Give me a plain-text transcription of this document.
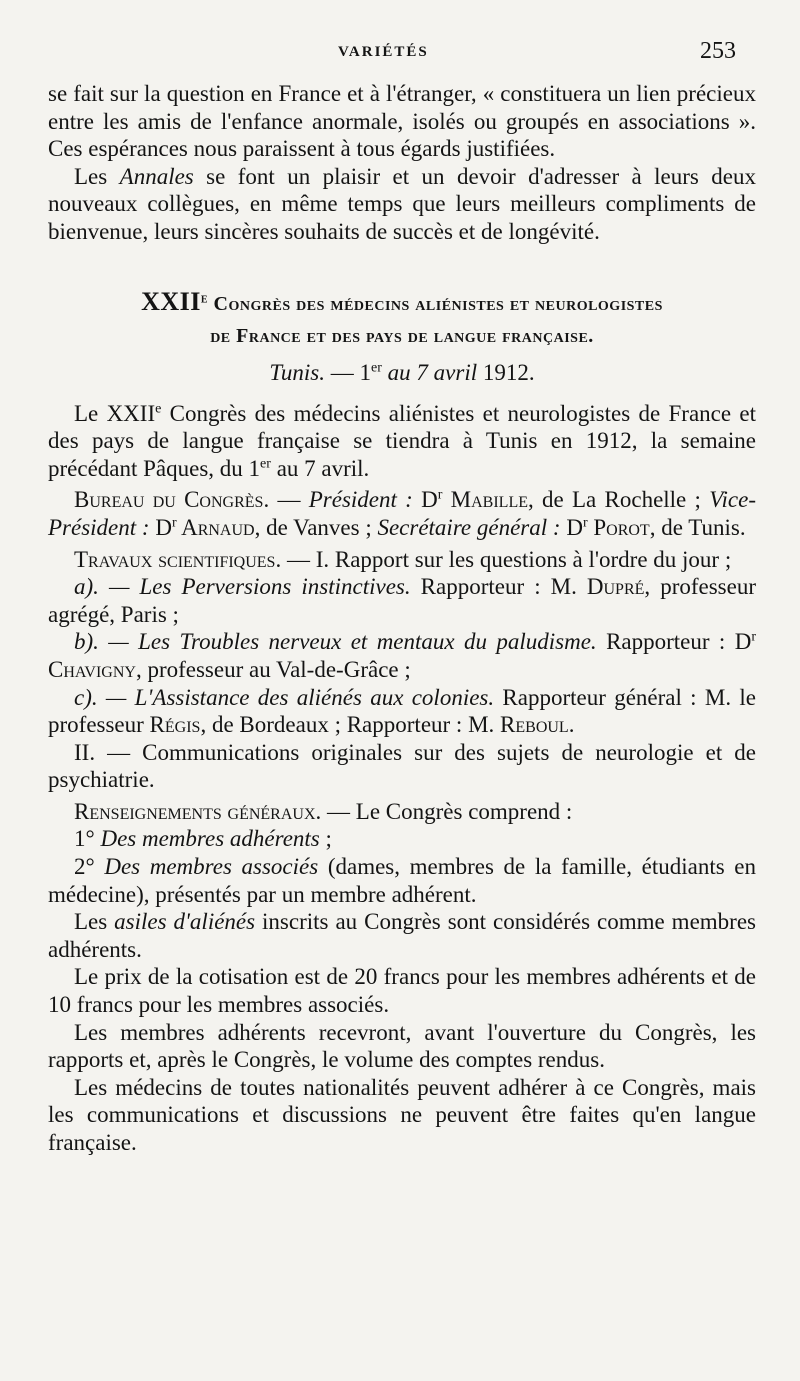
VARIÉTÉS	253

se fait sur la question en France et à l'étranger, « constituera un lien précieux entre les amis de l'enfance anormale, isolés ou groupés en associations ». Ces espérances nous paraissent à tous égards justifiées.

Les Annales se font un plaisir et un devoir d'adresser à leurs deux nouveaux collègues, en même temps que leurs meilleurs compliments de bienvenue, leurs sincères souhaits de succès et de longévité.

XXIIe Congrès des médecins aliénistes et neurologistes
de France et des pays de langue française.
Tunis. — 1er au 7 avril 1912.

Le XXIIe Congrès des médecins aliénistes et neurologistes de France et des pays de langue française se tiendra à Tunis en 1912, la semaine précédant Pâques, du 1er au 7 avril.

Bureau du Congrès. — Président : $D^r$ Mabille, de La Rochelle ; Vice-Président : $D^r$ Arnaud, de Vanves ; Secrétaire général : $D^r$ Porot, de Tunis.

Travaux scientifiques. — I. Rapport sur les questions à l'ordre du jour ;

a). — Les Perversions instinctives. Rapporteur : M. Dupré, professeur agrégé, Paris ;

b). — Les Troubles nerveux et mentaux du paludisme. Rapporteur : $D^r$ Chavigny, professeur au Val-de-Grâce ;

c). — L'Assistance des aliénés aux colonies. Rapporteur général : M. le professeur Régis, de Bordeaux ; Rapporteur : M. Reboul.

II. — Communications originales sur des sujets de neurologie et de psychiatrie.

Renseignements généraux. — Le Congrès comprend :

1° Des membres adhérents ;

2° Des membres associés (dames, membres de la famille, étudiants en médecine), présentés par un membre adhérent.

Les asiles d'aliénés inscrits au Congrès sont considérés comme membres adhérents.

Le prix de la cotisation est de 20 francs pour les membres adhérents et de 10 francs pour les membres associés.

Les membres adhérents recevront, avant l'ouverture du Congrès, les rapports et, après le Congrès, le volume des comptes rendus.

Les médecins de toutes nationalités peuvent adhérer à ce Congrès, mais les communications et discussions ne peuvent être faites qu'en langue française.
